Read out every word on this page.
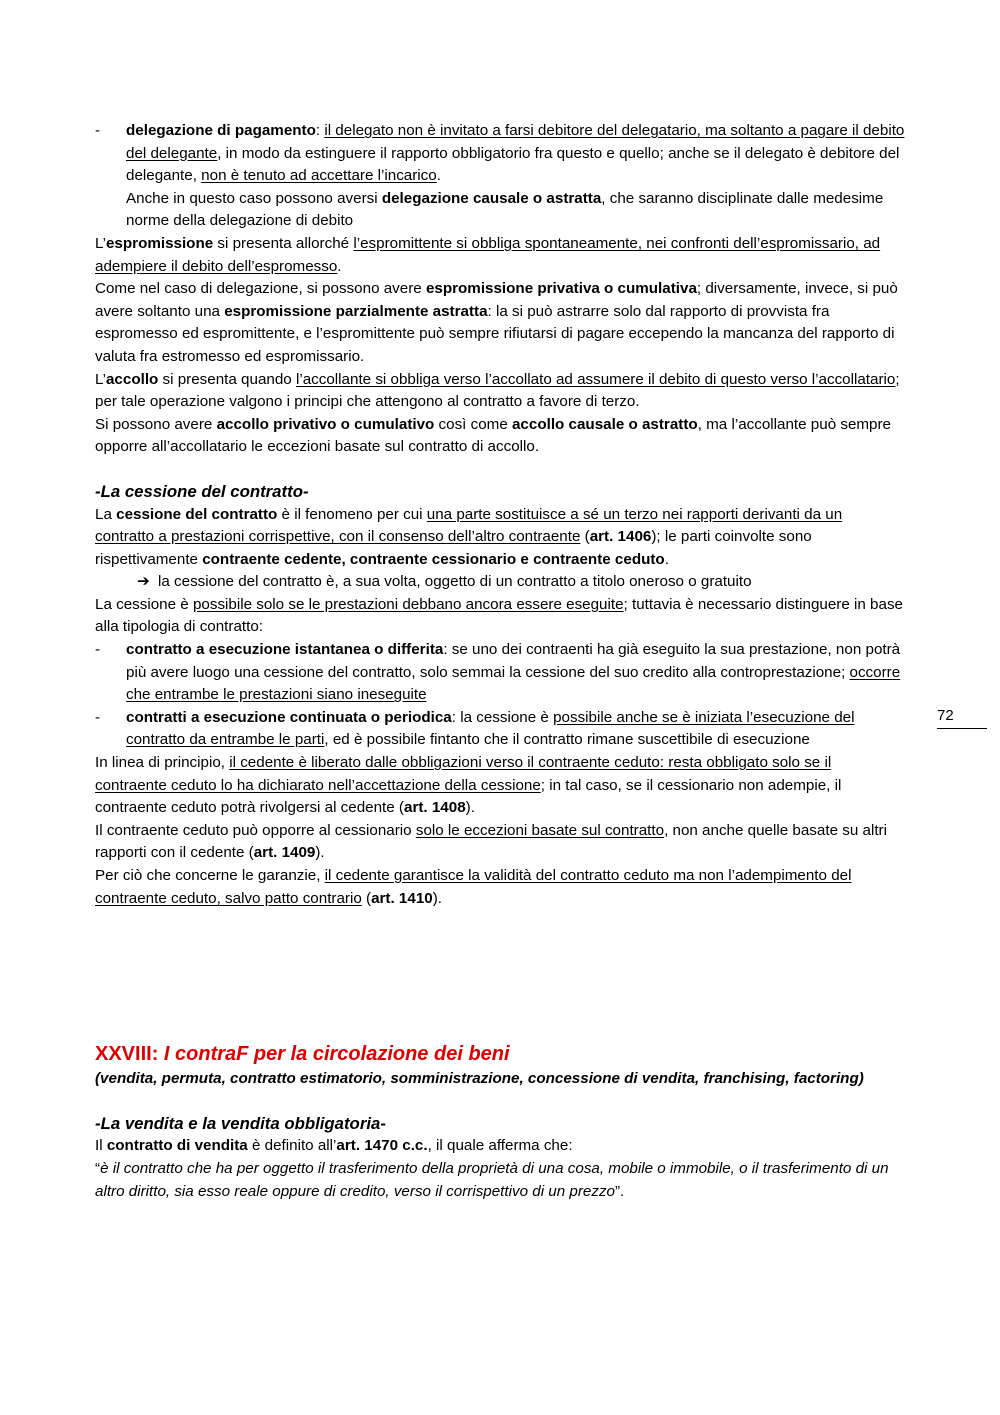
- delegazione di pagamento: il delegato non è invitato a farsi debitore del delegatario, ma soltanto a pagare il debito del delegante, in modo da estinguere il rapporto obbligatorio fra questo e quello; anche se il delegato è debitore del delegante, non è tenuto ad accettare l’incarico.

Anche in questo caso possono aversi delegazione causale o astratta, che saranno disciplinate dalle medesime norme della delegazione di debito

L’espromissione si presenta allorché l’espromittente si obbliga spontaneamente, nei confronti dell’espromissario, ad adempiere il debito dell’espromesso.

Come nel caso di delegazione, si possono avere espromissione privativa o cumulativa; diversamente, invece, si può avere soltanto una espromissione parzialmente astratta: la si può astrarre solo dal rapporto di provvista fra espromesso ed espromittente, e l’espromittente può sempre rifiutarsi di pagare eccependo la mancanza del rapporto di valuta fra estromesso ed espromissario.

L’accollo si presenta quando l’accollante si obbliga verso l’accollato ad assumere il debito di questo verso l’accollatario; per tale operazione valgono i principi che attengono al contratto a favore di terzo.

Si possono avere accollo privativo o cumulativo così come accollo causale o astratto, ma l’accollante può sempre opporre all’accollatario le eccezioni basate sul contratto di accollo.

-La cessione del contratto-

La cessione del contratto è il fenomeno per cui una parte sostituisce a sé un terzo nei rapporti derivanti da un contratto a prestazioni corrispettive, con il consenso dell’altro contraente (art. 1406); le parti coinvolte sono rispettivamente contraente cedente, contraente cessionario e contraente ceduto.

➔ la cessione del contratto è, a sua volta, oggetto di un contratto a titolo oneroso o gratuito

La cessione è possibile solo se le prestazioni debbano ancora essere eseguite; tuttavia è necessario distinguere in base alla tipologia di contratto:

- contratto a esecuzione istantanea o differita: se uno dei contraenti ha già eseguito la sua prestazione, non potrà più avere luogo una cessione del contratto, solo semmai la cessione del suo credito alla controprestazione; occorre che entrambe le prestazioni siano ineseguite

- contratti a esecuzione continuata o periodica: la cessione è possibile anche se è iniziata l’esecuzione del contratto da entrambe le parti, ed è possibile fintanto che il contratto rimane suscettibile di esecuzione

In linea di principio, il cedente è liberato dalle obbligazioni verso il contraente ceduto: resta obbligato solo se il contraente ceduto lo ha dichiarato nell’accettazione della cessione; in tal caso, se il cessionario non adempie, il contraente ceduto potrà rivolgersi al cedente (art. 1408).

Il contraente ceduto può opporre al cessionario solo le eccezioni basate sul contratto, non anche quelle basate su altri rapporti con il cedente (art. 1409).

Per ciò che concerne le garanzie, il cedente garantisce la validità del contratto ceduto ma non l’adempimento del contraente ceduto, salvo patto contrario (art. 1410).

XXVIII: I contraF per la circolazione dei beni

(vendita, permuta, contratto estimatorio, somministrazione, concessione di vendita, franchising, factoring)

-La vendita e la vendita obbligatoria-

Il contratto di vendita è definito all’art. 1470 c.c., il quale afferma che:

“è il contratto che ha per oggetto il trasferimento della proprietà di una cosa, mobile o immobile, o il trasferimento di un altro diritto, sia esso reale oppure di credito, verso il corrispettivo di un prezzo”.

72
